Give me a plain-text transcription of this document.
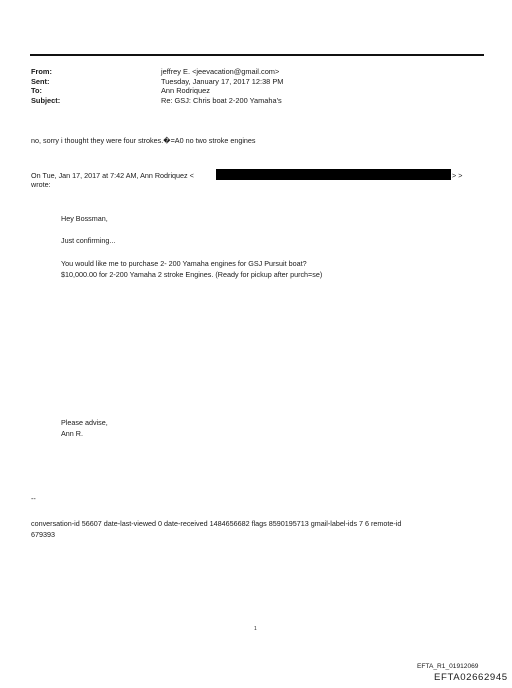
From:
Sent:
To:
Subject:
jeffrey E. <jeevacation@gmail.com>
Tuesday, January 17, 2017 12:38 PM
Ann Rodriquez
Re: GSJ: Chris boat 2-200 Yamaha's
no, sorry i thought they were four strokes.�=A0 no two stroke engines
On Tue, Jan 17, 2017 at 7:42 AM, Ann Rodriquez <	> >
wrote:
Hey Bossman,
Just confirming...
You would like me to purchase 2- 200 Yamaha engines for GSJ Pursuit boat?
$10,000.00 for 2-200 Yamaha 2 stroke Engines. (Ready for pickup after purch=se)
Please advise,
Ann R.
--
conversation-id 56607 date-last-viewed 0 date-received 1484656682 flags 8590195713 gmail-label-ids 7 6 remote-id
679393
1
EFTA_R1_01912069
EFTA02662945
